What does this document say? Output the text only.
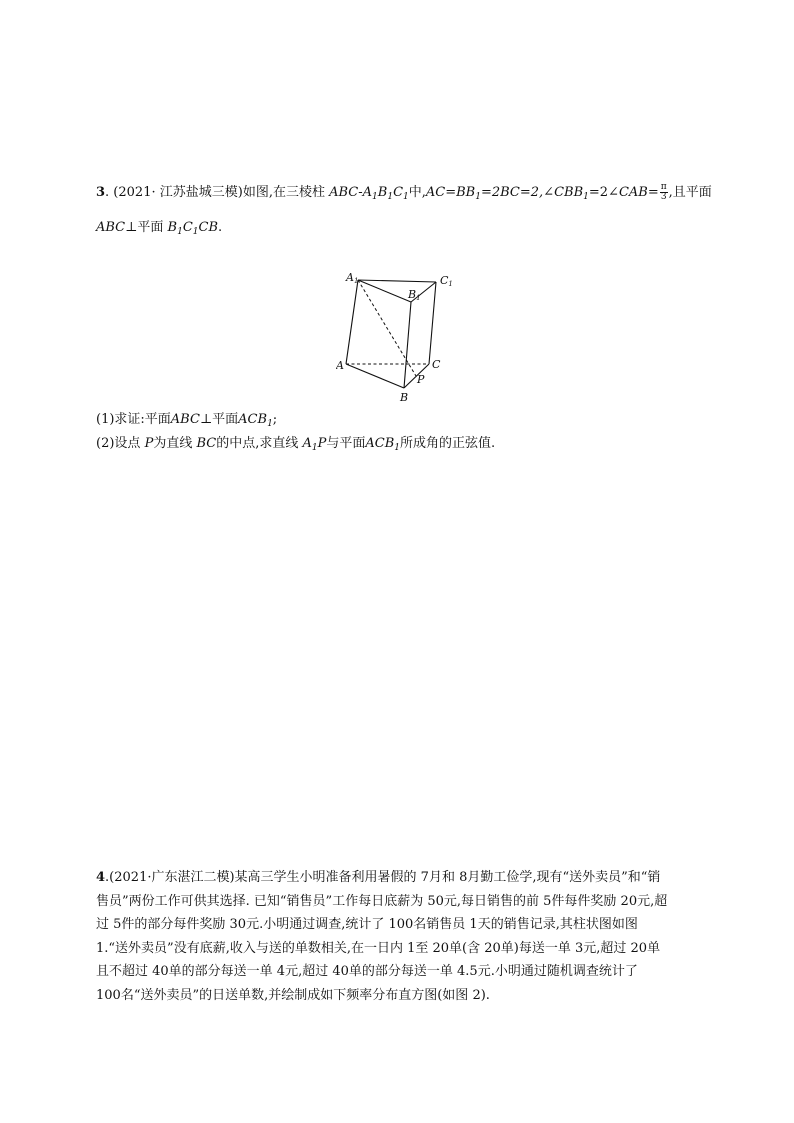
3. (2021· 江苏盐城三模)如图,在三棱柱 ABC-$A_1B_1C_1$中$,AC=BB_1=2BC=2,\angle CBB_1=2\angle CAB= \frac{\pi}{3}$ ,且平面
ABC⊥平面 $B_1C_1CB$.
A1
B1
C1
A
B
C
P
(1)求证:平面ABC⊥平面$ACB_1$;
(2)设点 P为直线 BC的中点,求直线 $A_1P$与平面$ACB_1$所成角的正弦值.
4.(2021·广东湛江二模)某高三学生小明准备利用暑假的 7月和 8月勤工俭学,现有“送外卖员”和“销
售员”两份工作可供其选择. 已知“销售员”工作每日底薪为 50元,每日销售的前 5件每件奖励 20元,超
过 5件的部分每件奖励 30元.小明通过调查,统计了 100名销售员 1天的销售记录,其柱状图如图
1.“送外卖员”没有底薪,收入与送的单数相关,在一日内 1至 20单(含 20单)每送一单 3元,超过 20单
且不超过 40单的部分每送一单 4元,超过 40单的部分每送一单 4.5元.小明通过随机调查统计了
100名“送外卖员”的日送单数,并绘制成如下频率分布直方图(如图 2).
